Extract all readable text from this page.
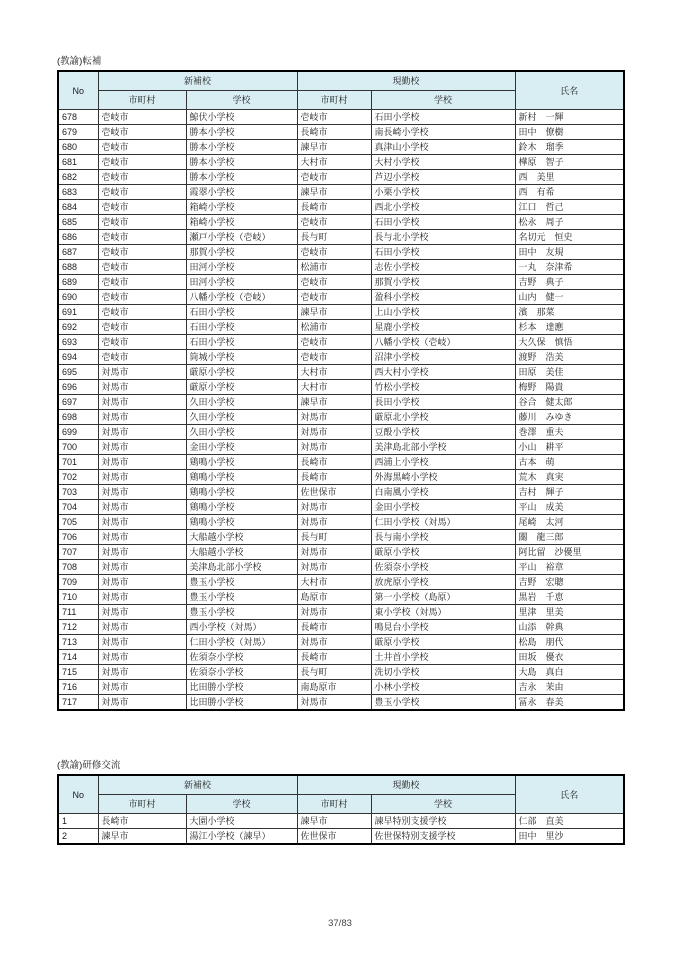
(教諭)転補

No	新補校		現勤校		氏名
	市町村	学校	市町村	学校	
678	壱岐市	鯨伏小学校	壱岐市	石田小学校	新村　一輝
679	壱岐市	勝本小学校	長崎市	南長崎小学校	田中　僚樹
680	壱岐市	勝本小学校	諫早市	真津山小学校	鈴木　瑠季
681	壱岐市	勝本小学校	大村市	大村小学校	樺原　智子
682	壱岐市	勝本小学校	壱岐市	芦辺小学校	西　美里
683	壱岐市	霞翠小学校	諫早市	小栗小学校	西　有希
684	壱岐市	箱崎小学校	長崎市	西北小学校	江口　哲己
685	壱岐市	箱崎小学校	壱岐市	石田小学校	松永　周子
686	壱岐市	瀬戸小学校（壱岐）	長与町	長与北小学校	名切元　恒史
687	壱岐市	那賀小学校	壱岐市	石田小学校	田中　友規
688	壱岐市	田河小学校	松浦市	志佐小学校	一丸　奈津希
689	壱岐市	田河小学校	壱岐市	那賀小学校	吉野　典子
690	壱岐市	八幡小学校（壱岐）	壱岐市	盈科小学校	山内　健一
691	壱岐市	石田小学校	諫早市	上山小学校	濱　那菜
692	壱岐市	石田小学校	松浦市	星鹿小学校	杉本　達應
693	壱岐市	石田小学校	壱岐市	八幡小学校（壱岐）	大久保　慎悟
694	壱岐市	筒城小学校	壱岐市	沼津小学校	渡野　浩美
695	対馬市	厳原小学校	大村市	西大村小学校	田原　美佳
696	対馬市	厳原小学校	大村市	竹松小学校	梅野　陽貴
697	対馬市	久田小学校	諫早市	長田小学校	谷合　健太郎
698	対馬市	久田小学校	対馬市	厳原北小学校	藤川　みゆき
699	対馬市	久田小学校	対馬市	豆酘小学校	巻澤　重夫
700	対馬市	金田小学校	対馬市	美津島北部小学校	小山　耕平
701	対馬市	鶏鳴小学校	長崎市	西浦上小学校	古本　萌
702	対馬市	鶏鳴小学校	長崎市	外海黒崎小学校	荒木　真実
703	対馬市	鶏鳴小学校	佐世保市	白南風小学校	吉村　輝子
704	対馬市	鶏鳴小学校	対馬市	金田小学校	平山　成美
705	対馬市	鶏鳴小学校	対馬市	仁田小学校（対馬）	尾崎　太河
706	対馬市	大船越小学校	長与町	長与南小学校	關　龍三郎
707	対馬市	大船越小学校	対馬市	厳原小学校	阿比留　沙優里
708	対馬市	美津島北部小学校	対馬市	佐須奈小学校	平山　裕章
709	対馬市	豊玉小学校	大村市	放虎原小学校	吉野　宏聰
710	対馬市	豊玉小学校	島原市	第一小学校（島原）	黒岩　千恵
711	対馬市	豊玉小学校	対馬市	東小学校（対馬）	里津　里美
712	対馬市	西小学校（対馬）	長崎市	鳴見台小学校	山添　幹典
713	対馬市	仁田小学校（対馬）	対馬市	厳原小学校	松島　朋代
714	対馬市	佐須奈小学校	長崎市	土井首小学校	田坂　優衣
715	対馬市	佐須奈小学校	長与町	洗切小学校	大島　真白
716	対馬市	比田勝小学校	南島原市	小林小学校	吉永　茉由
717	対馬市	比田勝小学校	対馬市	豊玉小学校	冨永　春美

(教諭)研修交流

No	新補校		現勤校		氏名
	市町村	学校	市町村	学校	
1	長崎市	大園小学校	諫早市	諫早特別支援学校	仁部　直美
2	諫早市	湯江小学校（諫早）	佐世保市	佐世保特別支援学校	田中　里沙
37/83
